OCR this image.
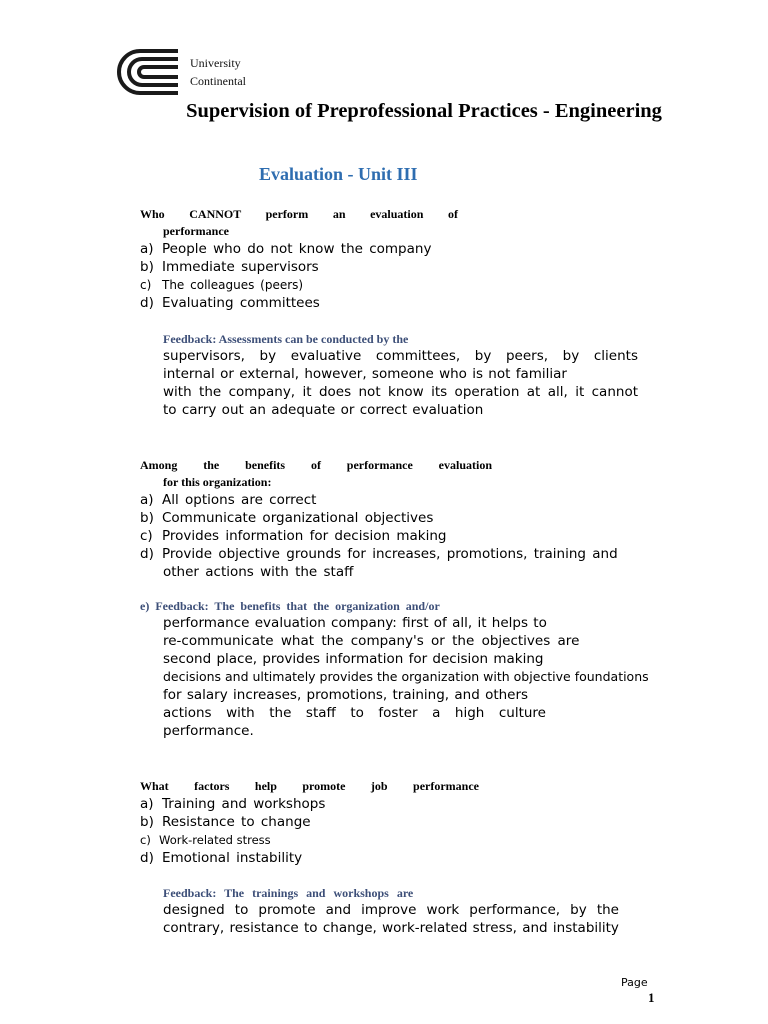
University
Continental
Supervision of Preprofessional Practices - Engineering
Evaluation - Unit III
Who CANNOT perform an evaluation of
performance
a) People who do not know the company
b) Immediate supervisors
c) The colleagues (peers)
d) Evaluating committees
Feedback: Assessments can be conducted by the
supervisors, by evaluative committees, by peers, by clients
internal or external, however, someone who is not familiar
with the company, it does not know its operation at all, it cannot
to carry out an adequate or correct evaluation
Among the benefits of performance evaluation
for this organization:
a) All options are correct
b) Communicate organizational objectives
c) Provides information for decision making
d) Provide objective grounds for increases, promotions, training and
other actions with the staff
e) Feedback: The benefits that the organization and/or
performance evaluation company: first of all, it helps to
re-communicate what the company's or the objectives are
second place, provides information for decision making
decisions and ultimately provides the organization with objective foundations
for salary increases, promotions, training, and others
actions with the staff to foster a high culture
performance.
What factors help promote job performance
a) Training and workshops
b) Resistance to change
c) Work-related stress
d) Emotional instability
Feedback: The trainings and workshops are
designed to promote and improve work performance, by the
contrary, resistance to change, work-related stress, and instability
Page
1
